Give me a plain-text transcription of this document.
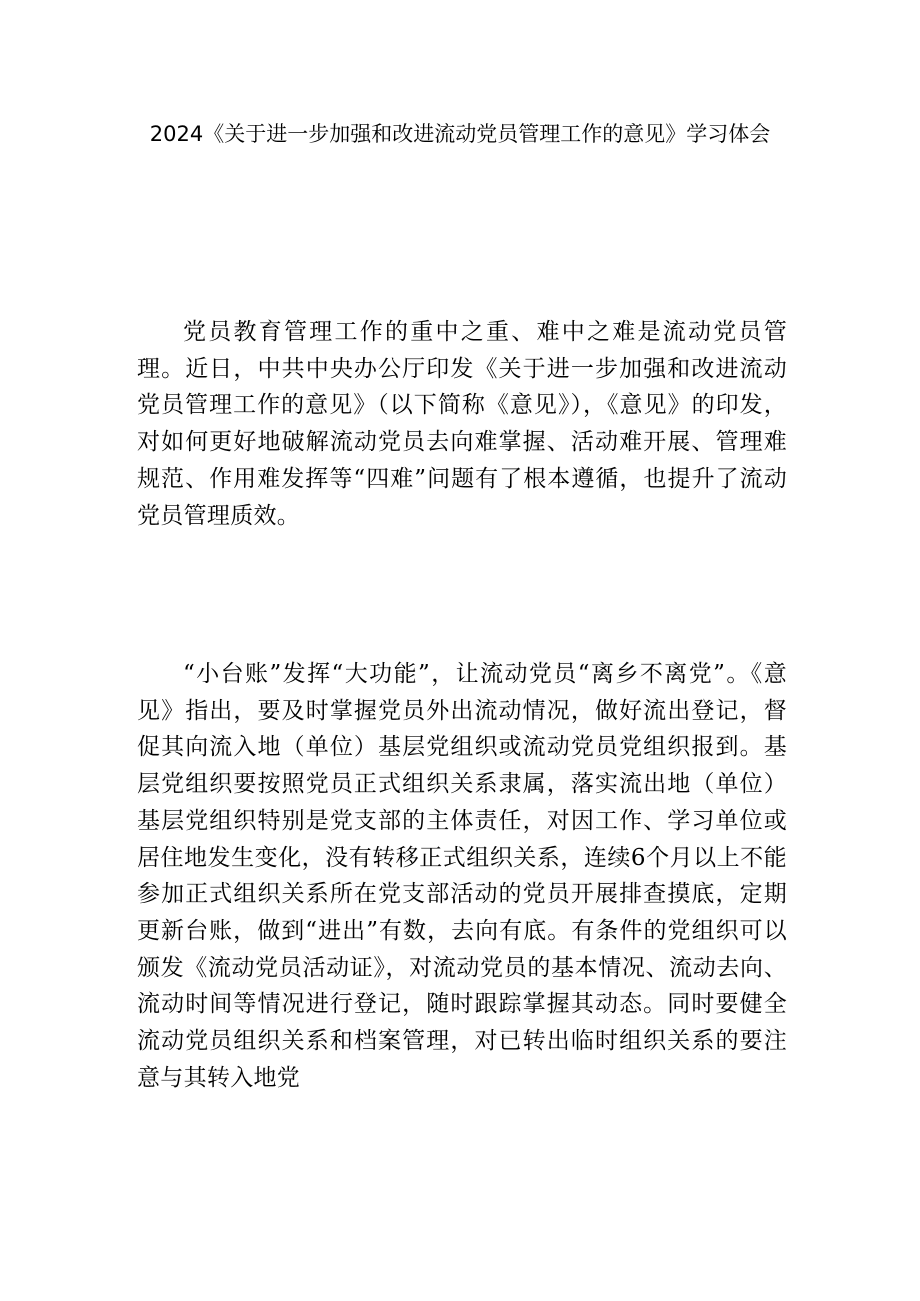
2024《关于进一步加强和改进流动党员管理工作的意见》学习体会

党员教育管理工作的重中之重、难中之难是流动党员管理。近日，中共中央办公厅印发《关于进一步加强和改进流动党员管理工作的意见》（以下简称《意见》），《意见》的印发，对如何更好地破解流动党员去向难掌握、活动难开展、管理难规范、作用难发挥等“四难”问题有了根本遵循，也提升了流动党员管理质效。

“小台账”发挥“大功能”，让流动党员“离乡不离党”。《意见》指出，要及时掌握党员外出流动情况，做好流出登记，督促其向流入地（单位）基层党组织或流动党员党组织报到。基层党组织要按照党员正式组织关系隶属，落实流出地（单位）基层党组织特别是党支部的主体责任，对因工作、学习单位或居住地发生变化，没有转移正式组织关系，连续6个月以上不能参加正式组织关系所在党支部活动的党员开展排查摸底，定期更新台账，做到“进出”有数，去向有底。有条件的党组织可以颁发《流动党员活动证》，对流动党员的基本情况、流动去向、流动时间等情况进行登记，随时跟踪掌握其动态。同时要健全流动党员组织关系和档案管理，对已转出临时组织关系的要注意与其转入地党
